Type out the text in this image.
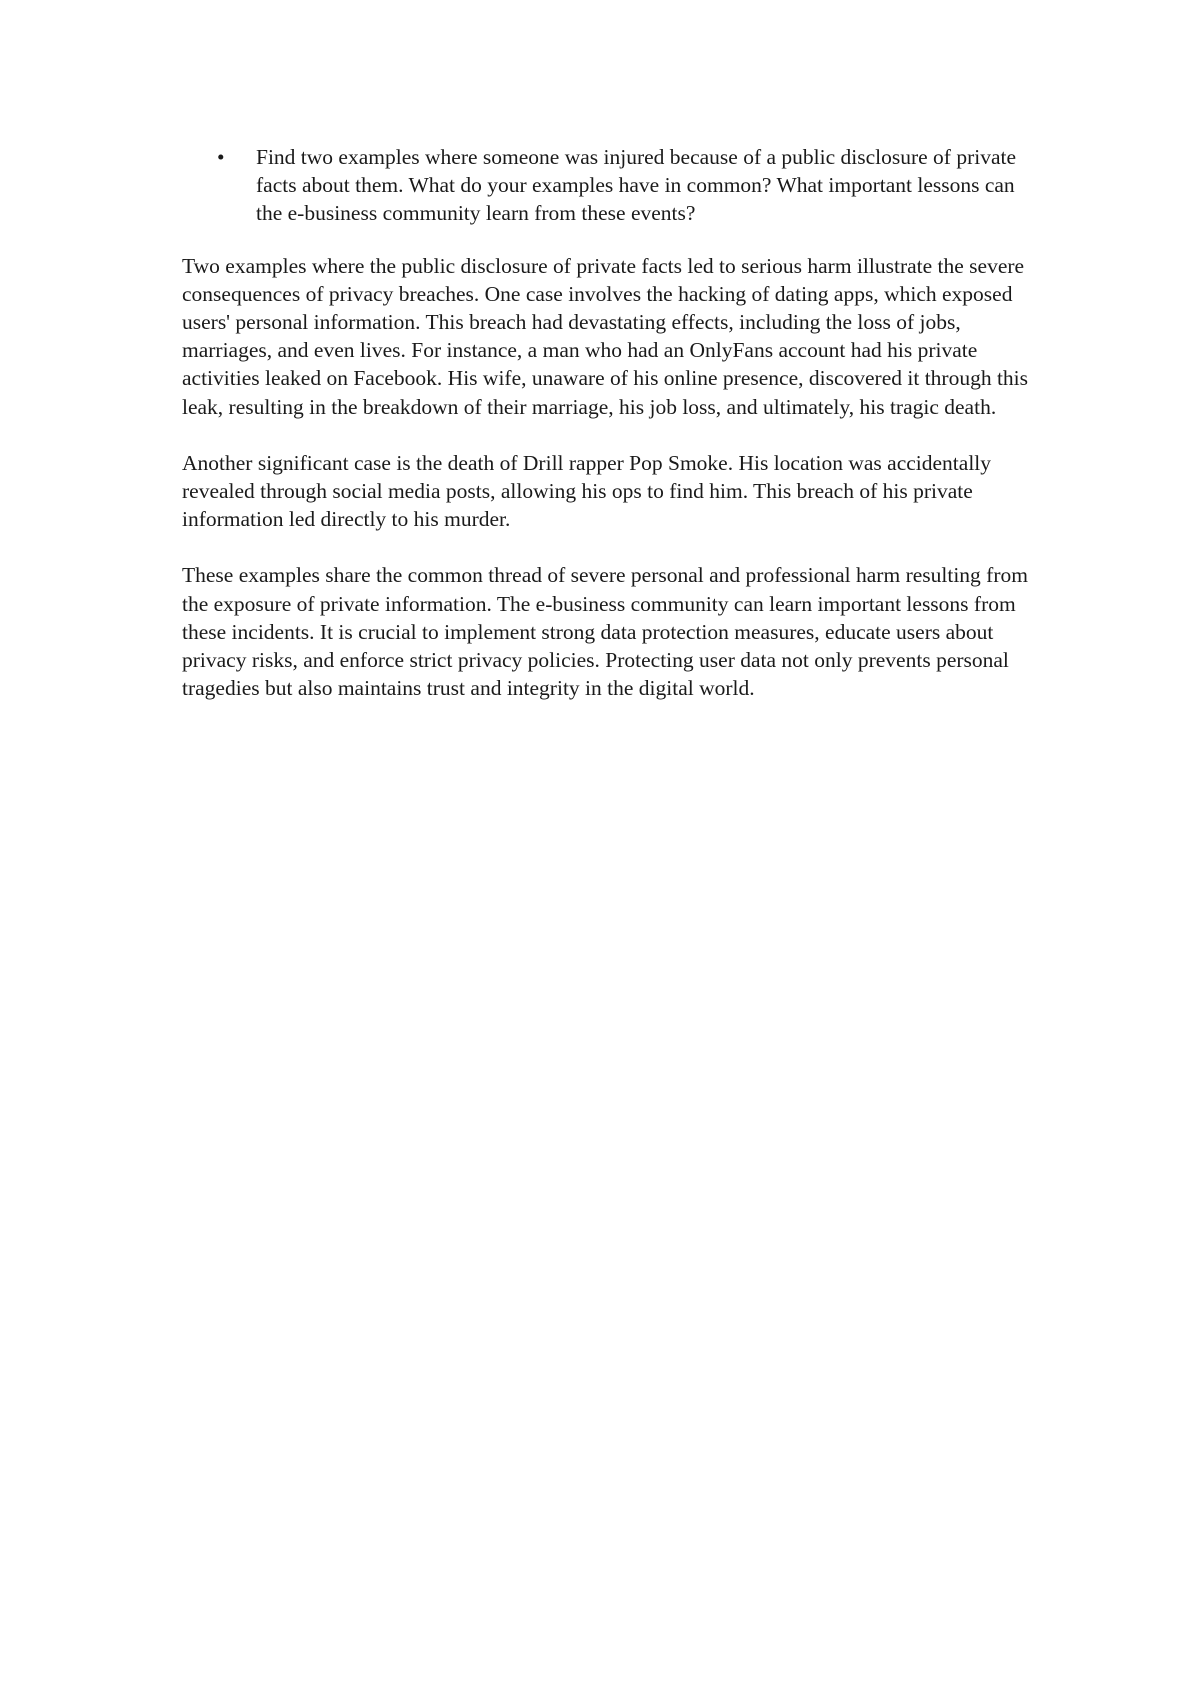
• Find two examples where someone was injured because of a public disclosure of private facts about them. What do your examples have in common? What important lessons can the e-business community learn from these events?

Two examples where the public disclosure of private facts led to serious harm illustrate the severe consequences of privacy breaches. One case involves the hacking of dating apps, which exposed users' personal information. This breach had devastating effects, including the loss of jobs, marriages, and even lives. For instance, a man who had an OnlyFans account had his private activities leaked on Facebook. His wife, unaware of his online presence, discovered it through this leak, resulting in the breakdown of their marriage, his job loss, and ultimately, his tragic death.

Another significant case is the death of Drill rapper Pop Smoke. His location was accidentally revealed through social media posts, allowing his ops to find him. This breach of his private information led directly to his murder.

These examples share the common thread of severe personal and professional harm resulting from the exposure of private information. The e-business community can learn important lessons from these incidents. It is crucial to implement strong data protection measures, educate users about privacy risks, and enforce strict privacy policies. Protecting user data not only prevents personal tragedies but also maintains trust and integrity in the digital world.
